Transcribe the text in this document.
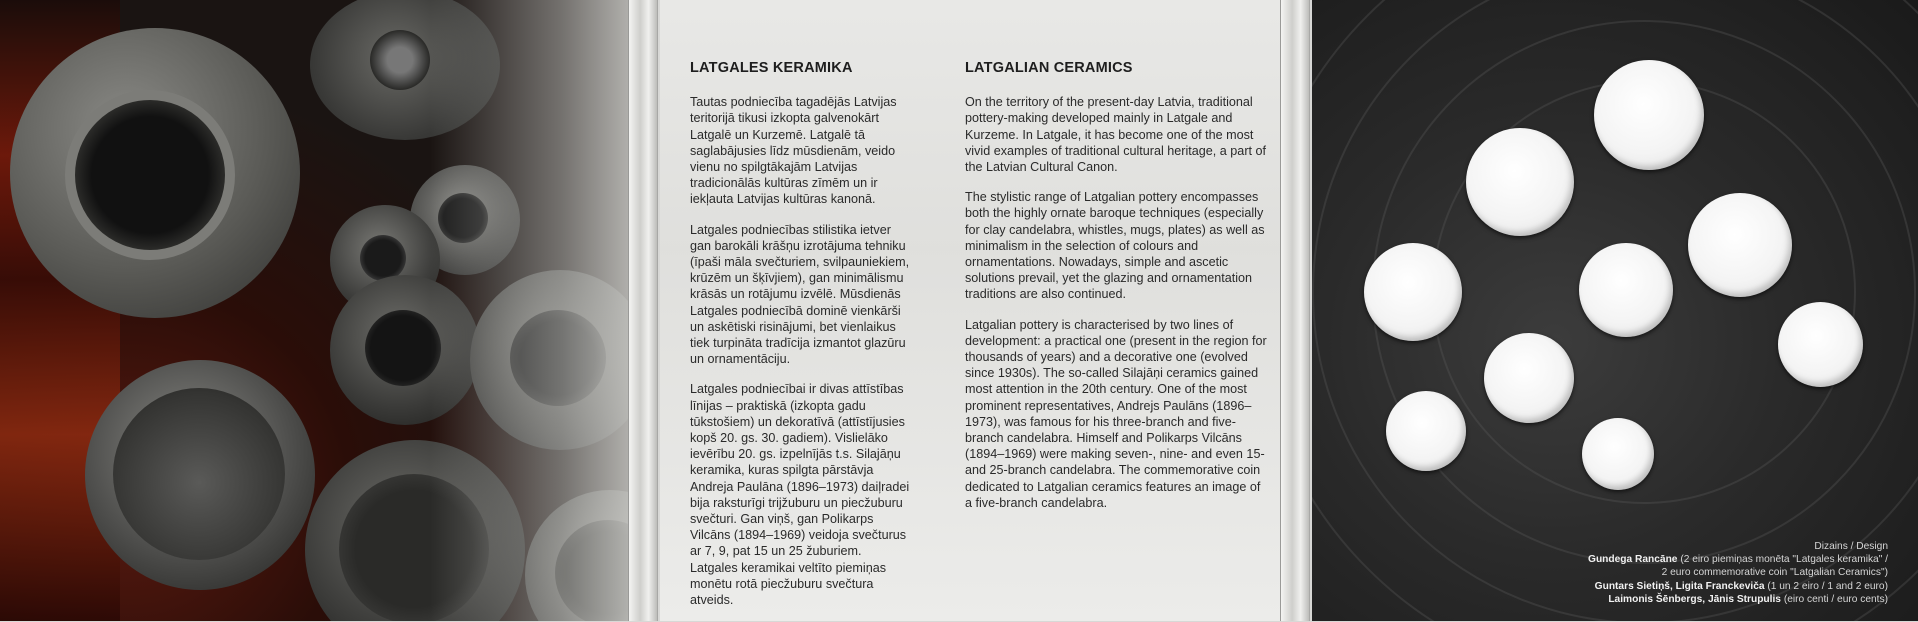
LATGALES KERAMIKA

Tautas podniecība tagadējās Latvijas teritorijā tikusi izkopta galvenokārt Latgalē un Kurzemē. Latgalē tā saglabājusies līdz mūsdienām, veido vienu no spilgtākajām Latvijas tradicionālās kultūras zīmēm un ir iekļauta Latvijas kultūras kanonā.

Latgales podniecības stilistika ietver gan barokāli krāšņu izrotājuma tehniku (īpaši māla svečturiem, svilpauniekiem, krūzēm un šķīvjiem), gan minimālismu krāsās un rotājumu izvēlē. Mūsdienās Latgales podniecībā dominē vienkārši un askētiski risinājumi, bet vienlaikus tiek turpināta tradīcija izmantot glazūru un ornamentāciju.

Latgales podniecībai ir divas attīstības līnijas – praktiskā (izkopta gadu tūkstošiem) un dekoratīvā (attīstījusies kopš 20. gs. 30. gadiem). Vislielāko ievērību 20. gs. izpelnījās t.s. Silajāņu keramika, kuras spilgta pārstāvja Andreja Paulāna (1896–1973) daiļradei bija raksturīgi trijžuburu un piecžuburu svečturi. Gan viņš, gan Polikarps Vilcāns (1894–1969) veidoja svečturus ar 7, 9, pat 15 un 25 žuburiem. Latgales keramikai veltīto piemiņas monētu rotā piecžuburu svečtura atveids.

LATGALIAN CERAMICS

On the territory of the present-day Latvia, traditional pottery-making developed mainly in Latgale and Kurzeme. In Latgale, it has become one of the most vivid examples of traditional cultural heritage, a part of the Latvian Cultural Canon.

The stylistic range of Latgalian pottery encompasses both the highly ornate baroque techniques (especially for clay candelabra, whistles, mugs, plates) as well as minimalism in the selection of colours and ornamentations. Nowadays, simple and ascetic solutions prevail, yet the glazing and ornamentation traditions are also continued.

Latgalian pottery is characterised by two lines of development: a practical one (present in the region for thousands of years) and a decorative one (evolved since 1930s). The so-called Silajāņi ceramics gained most attention in the 20th century. One of the most prominent representatives, Andrejs Paulāns (1896–1973), was famous for his three-branch and five-branch candelabra. Himself and Polikarps Vilcāns (1894–1969) were making seven-, nine- and even 15- and 25-branch candelabra. The commemorative coin dedicated to Latgalian ceramics features an image of a five-branch candelabra.

Dizains / Design
Gundega Rancāne (2 eiro piemiņas monēta "Latgales keramika" /
2 euro commemorative coin "Latgalian Ceramics")
Guntars Sietiņš, Ligita Franckeviča (1 un 2 eiro / 1 and 2 euro)
Laimonis Šēnbergs, Jānis Strupulis (eiro centi / euro cents)
